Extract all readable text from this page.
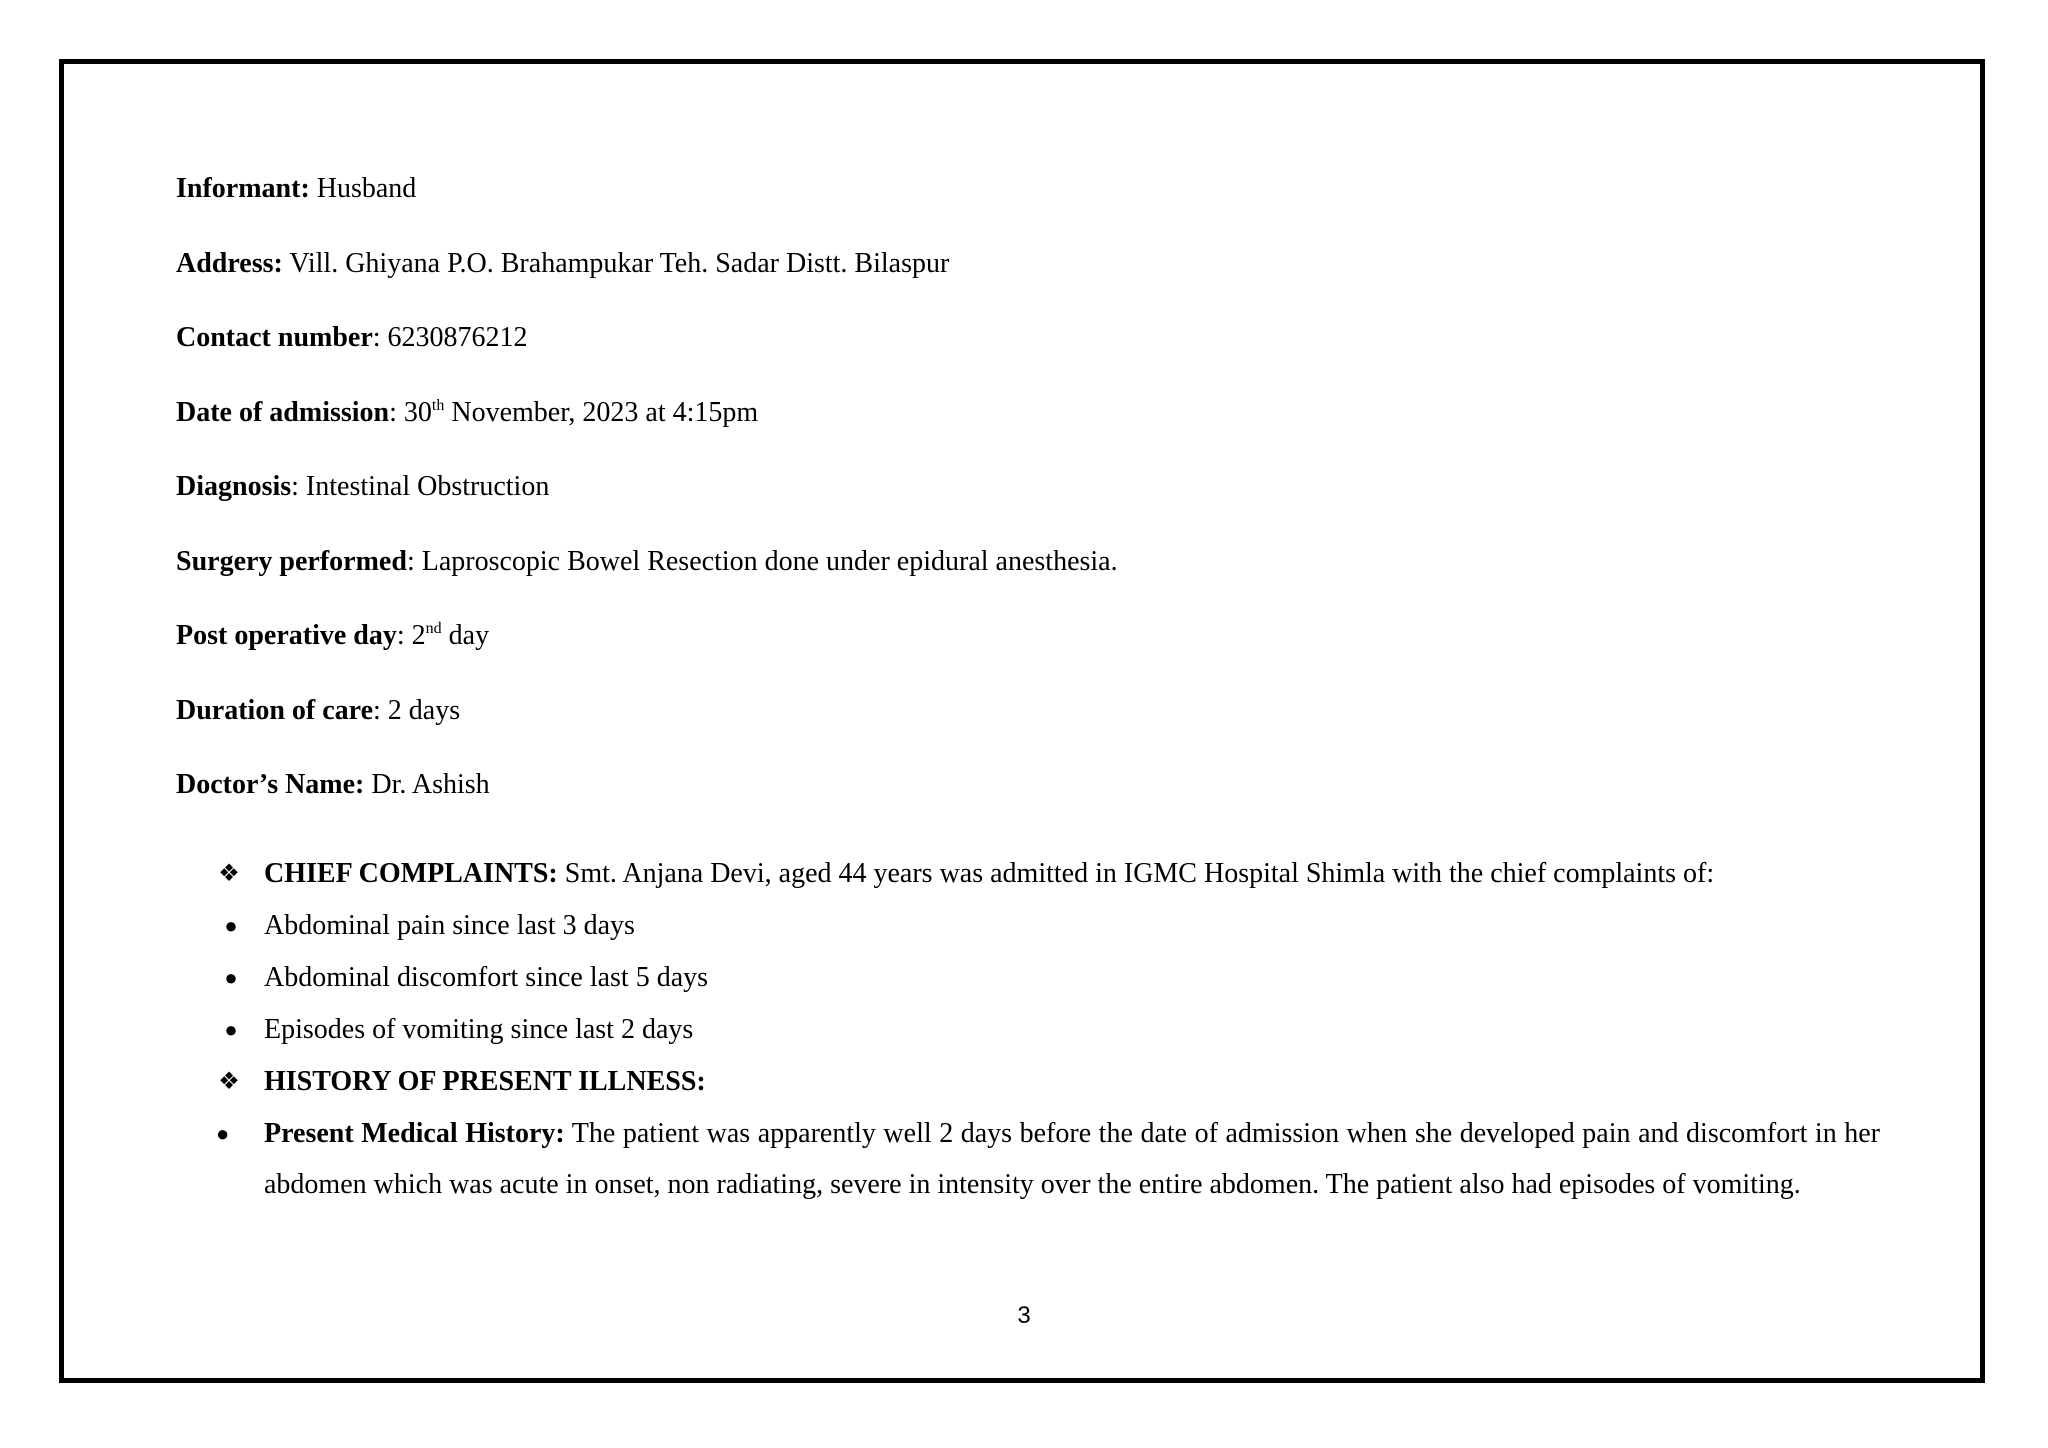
Informant: Husband
Address: Vill. Ghiyana P.O. Brahampukar Teh. Sadar Distt. Bilaspur
Contact number: 6230876212
Date of admission: 30th November, 2023 at 4:15pm
Diagnosis: Intestinal Obstruction
Surgery performed: Laproscopic Bowel Resection done under epidural anesthesia.
Post operative day: 2nd day
Duration of care: 2 days
Doctor’s Name: Dr. Ashish
❖ CHIEF COMPLAINTS: Smt. Anjana Devi, aged 44 years was admitted in IGMC Hospital Shimla with the chief complaints of:
● Abdominal pain since last 3 days
● Abdominal discomfort since last 5 days
● Episodes of vomiting since last 2 days
❖ HISTORY OF PRESENT ILLNESS:
●	Present Medical History: The patient was apparently well 2 days before the date of admission when she developed pain and discomfort in her abdomen which was acute in onset, non radiating, severe in intensity over the entire abdomen. The patient also had episodes of vomiting.
3
